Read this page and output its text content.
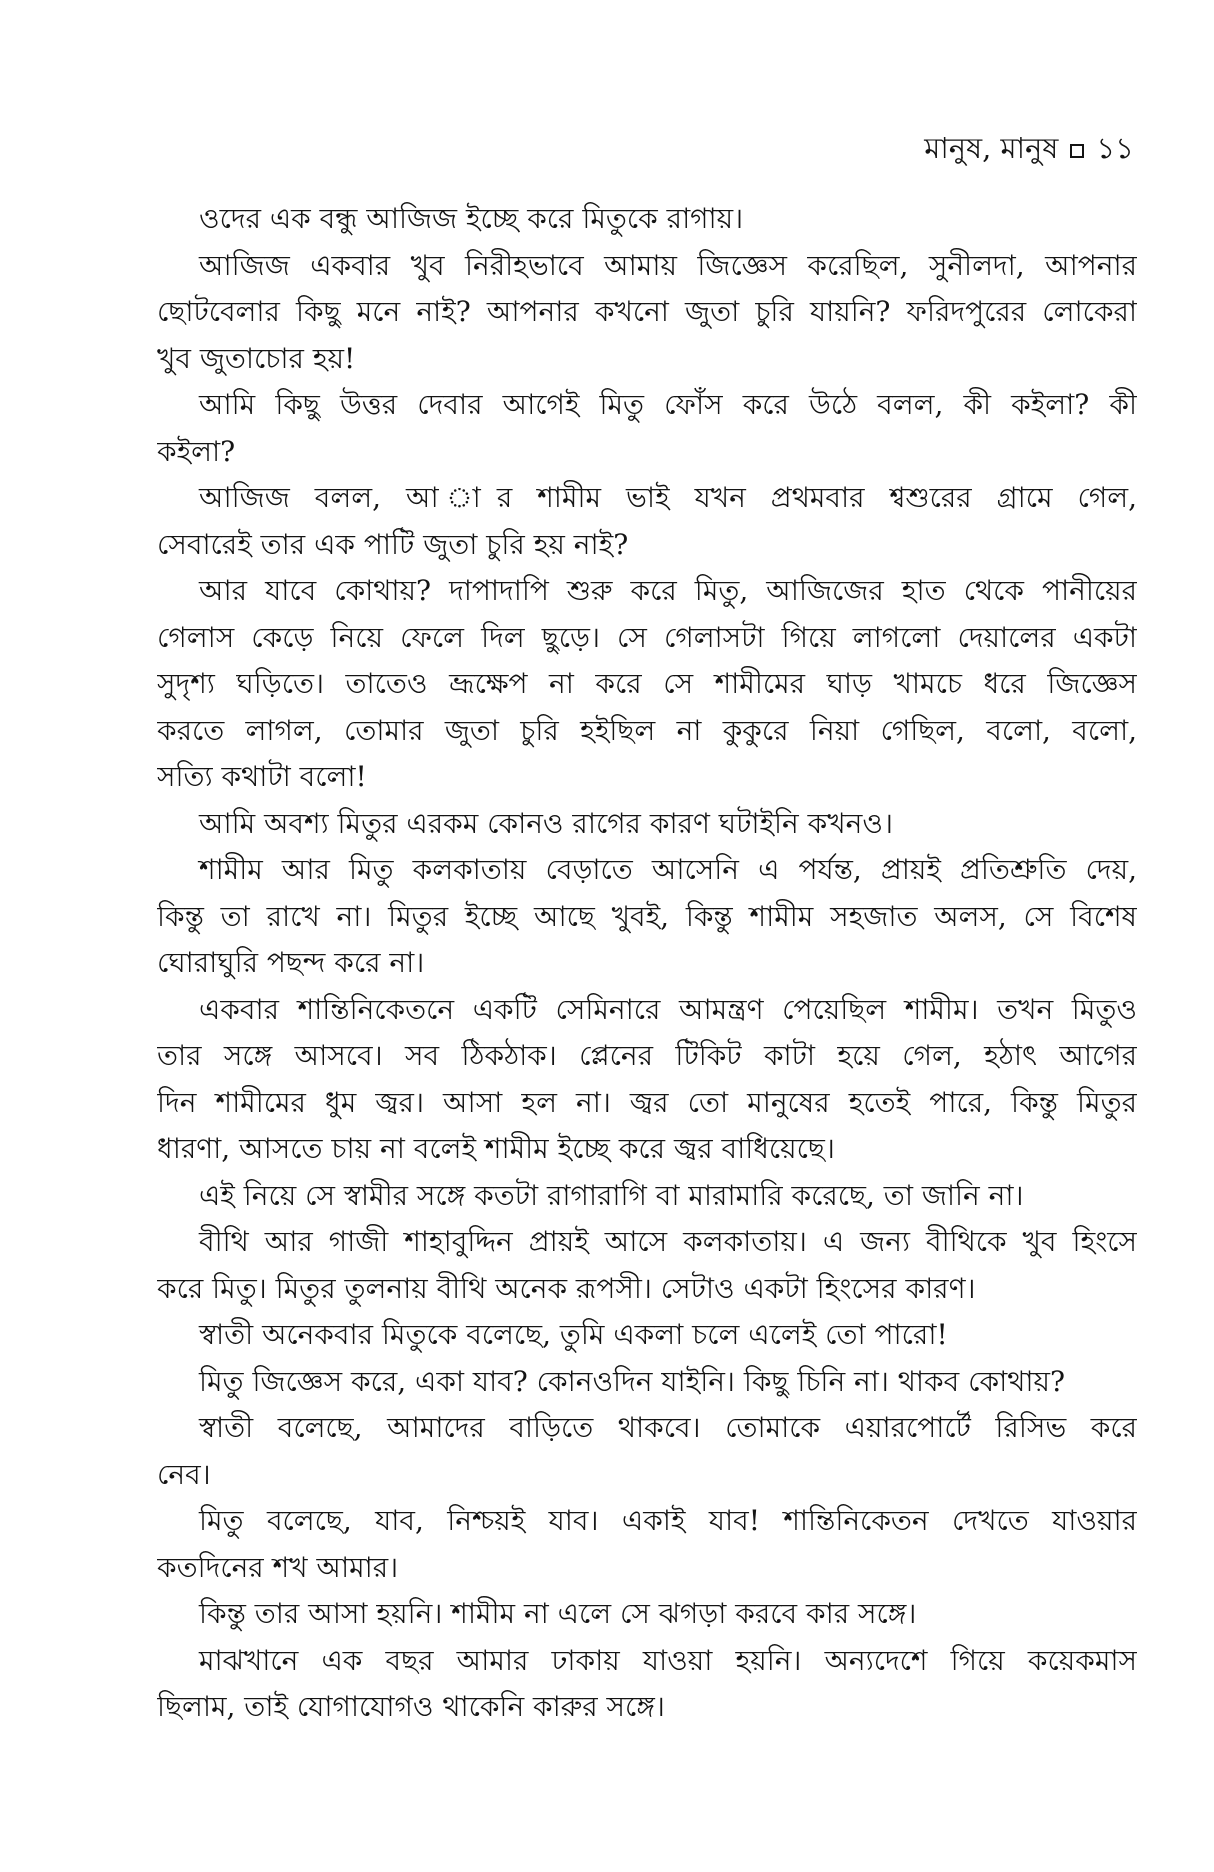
মানুষ, মানুষ ১১
ওদের এক বন্ধু আজিজ ইচ্ছে করে মিতুকে রাগায়।
আজিজ একবার খুব নিরীহভাবে আমায় জিজ্ঞেস করেছিল, সুনীলদা, আপনার
ছোটবেলার কিছু মনে নাই? আপনার কখনো জুতা চুরি যায়নি? ফরিদপুরের লোকেরা
খুব জুতাচোর হয়!
আমি কিছু উত্তর দেবার আগেই মিতু ফোঁস করে উঠে বলল, কী কইলা? কী
কইলা?
আজিজ বলল, আ ার শামীম ভাই যখন প্রথমবার শ্বশুরের গ্রামে গেল,
সেবারেই তার এক পাটি জুতা চুরি হয় নাই?
আর যাবে কোথায়? দাপাদাপি শুরু করে মিতু, আজিজের হাত থেকে পানীয়ের
গেলাস কেড়ে নিয়ে ফেলে দিল ছুড়ে। সে গেলাসটা গিয়ে লাগলো দেয়ালের একটা
সুদৃশ্য ঘড়িতে। তাতেও ভ্রূক্ষেপ না করে সে শামীমের ঘাড় খামচে ধরে জিজ্ঞেস
করতে লাগল, তোমার জুতা চুরি হইছিল না কুকুরে নিয়া গেছিল, বলো, বলো,
সত্যি কথাটা বলো!
আমি অবশ্য মিতুর এরকম কোনও রাগের কারণ ঘটাইনি কখনও।
শামীম আর মিতু কলকাতায় বেড়াতে আসেনি এ পর্যন্ত, প্রায়ই প্রতিশ্রুতি দেয়,
কিন্তু তা রাখে না। মিতুর ইচ্ছে আছে খুবই, কিন্তু শামীম সহজাত অলস, সে বিশেষ
ঘোরাঘুরি পছন্দ করে না।
একবার শান্তিনিকেতনে একটি সেমিনারে আমন্ত্রণ পেয়েছিল শামীম। তখন মিতুও
তার সঙ্গে আসবে। সব ঠিকঠাক। প্লেনের টিকিট কাটা হয়ে গেল, হঠাৎ আগের
দিন শামীমের ধুম জ্বর। আসা হল না। জ্বর তো মানুষের হতেই পারে, কিন্তু মিতুর
ধারণা, আসতে চায় না বলেই শামীম ইচ্ছে করে জ্বর বাধিয়েছে।
এই নিয়ে সে স্বামীর সঙ্গে কতটা রাগারাগি বা মারামারি করেছে, তা জানি না।
বীথি আর গাজী শাহাবুদ্দিন প্রায়ই আসে কলকাতায়। এ জন্য বীথিকে খুব হিংসে
করে মিতু। মিতুর তুলনায় বীথি অনেক রূপসী। সেটাও একটা হিংসের কারণ।
স্বাতী অনেকবার মিতুকে বলেছে, তুমি একলা চলে এলেই তো পারো!
মিতু জিজ্ঞেস করে, একা যাব? কোনওদিন যাইনি। কিছু চিনি না। থাকব কোথায়?
স্বাতী বলেছে, আমাদের বাড়িতে থাকবে। তোমাকে এয়ারপোর্টে রিসিভ করে
নেব।
মিতু বলেছে, যাব, নিশ্চয়ই যাব। একাই যাব! শান্তিনিকেতন দেখতে যাওয়ার
কতদিনের শখ আমার।
কিন্তু তার আসা হয়নি। শামীম না এলে সে ঝগড়া করবে কার সঙ্গে।
মাঝখানে এক বছর আমার ঢাকায় যাওয়া হয়নি। অন্যদেশে গিয়ে কয়েকমাস
ছিলাম, তাই যোগাযোগও থাকেনি কারুর সঙ্গে।
